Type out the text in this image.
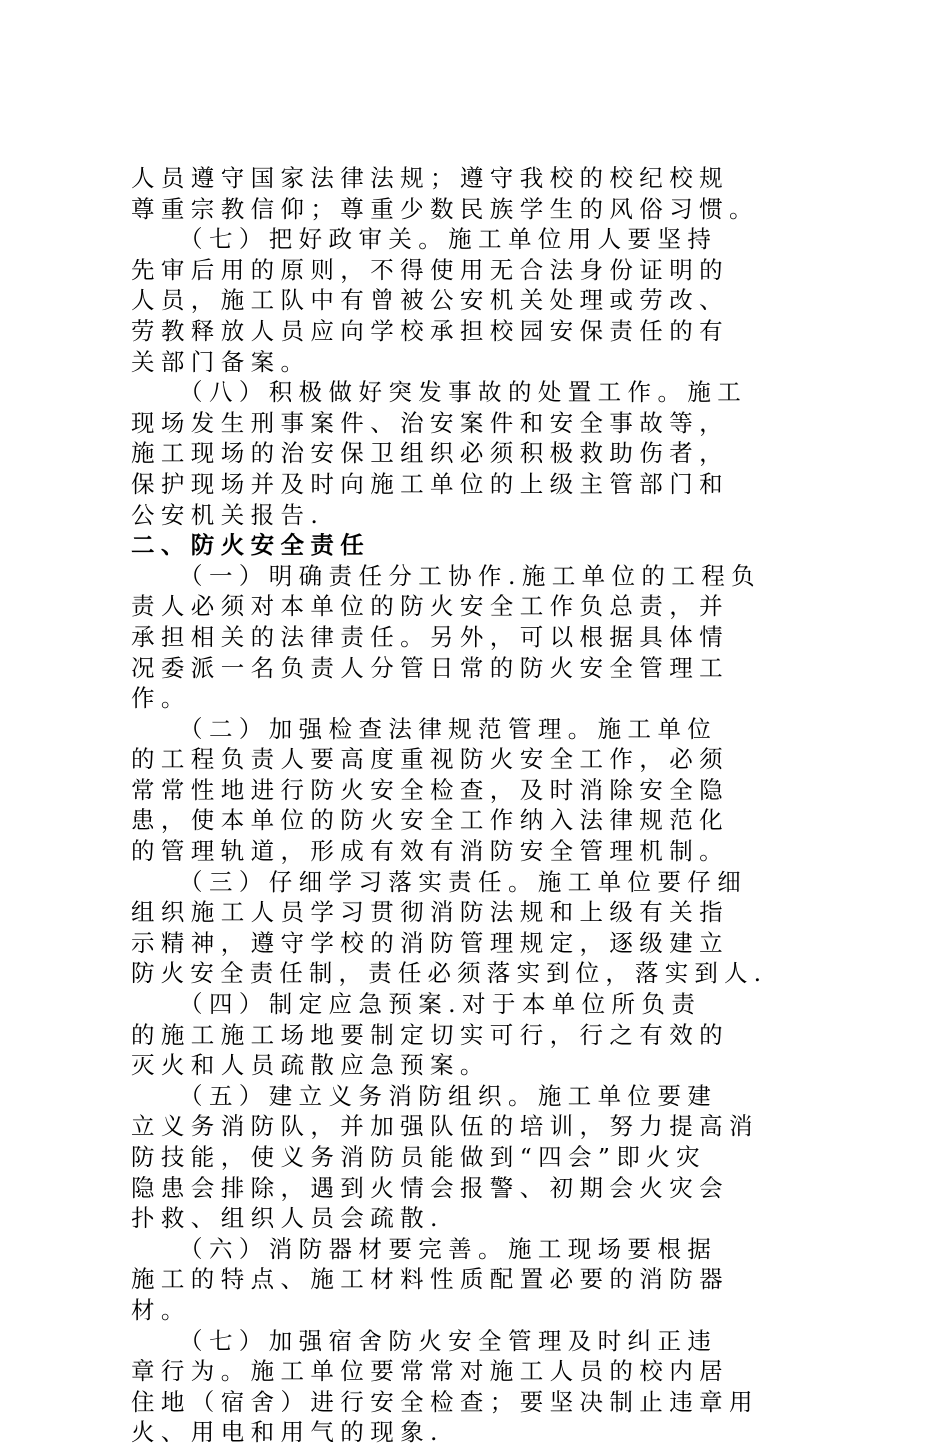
人员遵守国家法律法规；遵守我校的校纪校规
尊重宗教信仰；尊重少数民族学生的风俗习惯。
　　（七）把好政审关。施工单位用人要坚持
先审后用的原则，不得使用无合法身份证明的
人员，施工队中有曾被公安机关处理或劳改、
劳教释放人员应向学校承担校园安保责任的有
关部门备案。
　　（八）积极做好突发事故的处置工作。施工
现场发生刑事案件、治安案件和安全事故等，
施工现场的治安保卫组织必须积极救助伤者，
保护现场并及时向施工单位的上级主管部门和
公安机关报告.
二、防火安全责任
　　（一）明确责任分工协作.施工单位的工程负
责人必须对本单位的防火安全工作负总责，并
承担相关的法律责任。另外，可以根据具体情
况委派一名负责人分管日常的防火安全管理工
作。
　　（二）加强检查法律规范管理。施工单位
的工程负责人要高度重视防火安全工作，必须
常常性地进行防火安全检查，及时消除安全隐
患，使本单位的防火安全工作纳入法律规范化
的管理轨道，形成有效有消防安全管理机制。
　　（三）仔细学习落实责任。施工单位要仔细
组织施工人员学习贯彻消防法规和上级有关指
示精神，遵守学校的消防管理规定，逐级建立
防火安全责任制，责任必须落实到位，落实到人.
　　（四）制定应急预案.对于本单位所负责
的施工施工场地要制定切实可行，行之有效的
灭火和人员疏散应急预案。
　　（五）建立义务消防组织。施工单位要建
立义务消防队，并加强队伍的培训，努力提高消
防技能，使义务消防员能做到“四会”即火灾
隐患会排除，遇到火情会报警、初期会火灾会
扑救、组织人员会疏散.
　　（六）消防器材要完善。施工现场要根据
施工的特点、施工材料性质配置必要的消防器
材。
　　（七）加强宿舍防火安全管理及时纠正违
章行为。施工单位要常常对施工人员的校内居
住地（宿舍）进行安全检查；要坚决制止违章用
火、用电和用气的现象.
